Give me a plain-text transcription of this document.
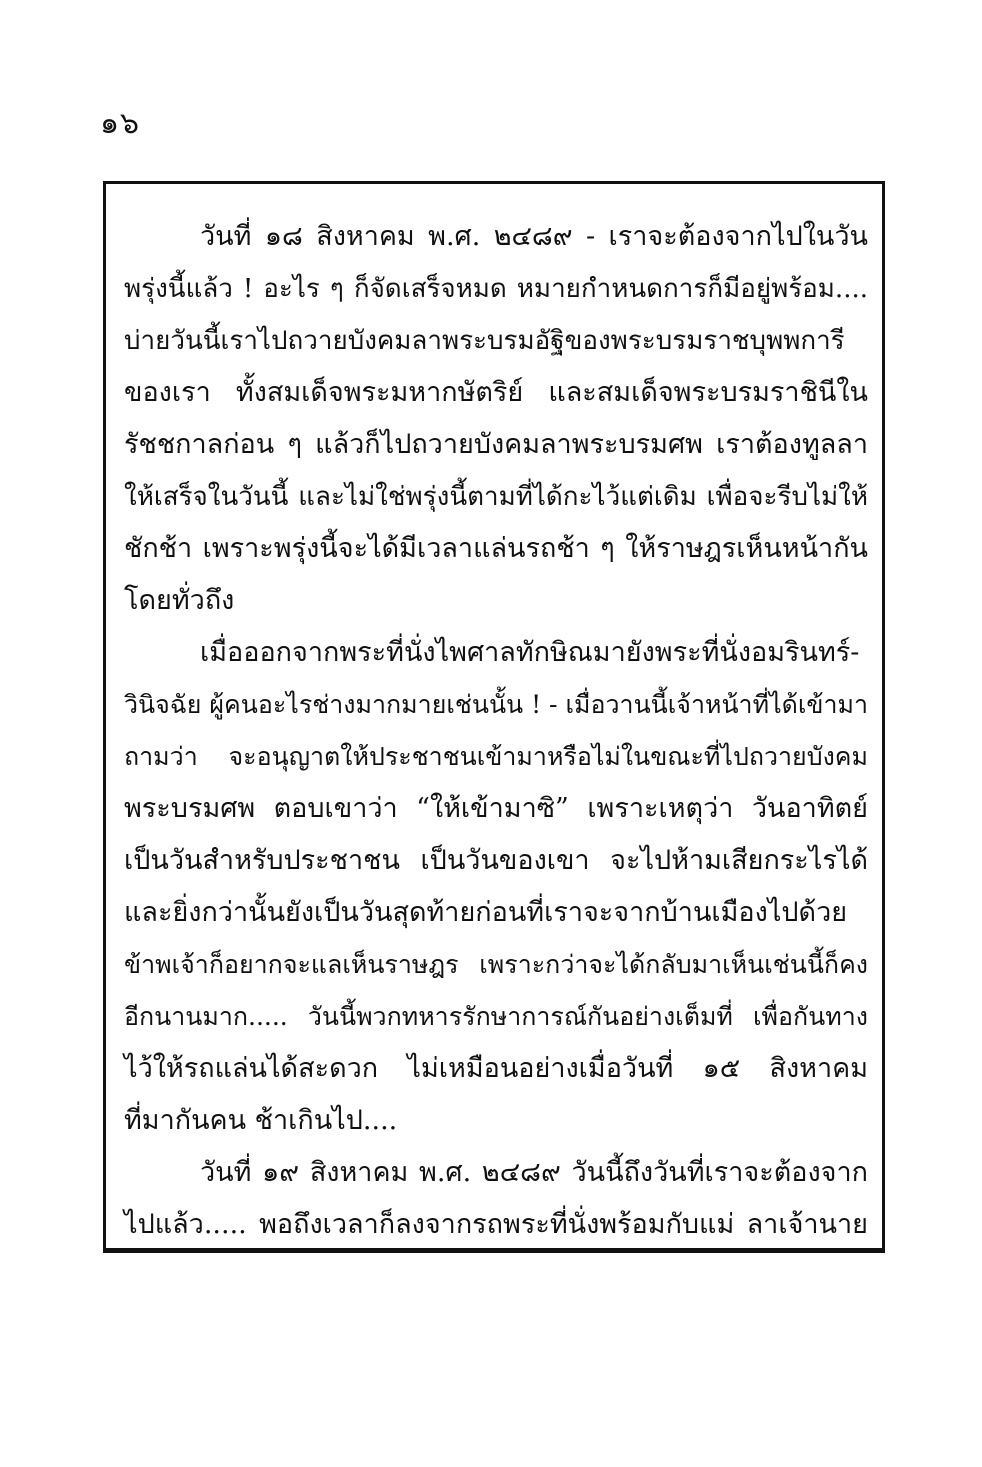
๑๖
วันที่ ๑๘ สิงหาคม พ.ศ. ๒๔๘๙ - เราจะต้องจากไปในวัน
พรุ่งนี้แล้ว ! อะไร ๆ ก็จัดเสร็จหมด หมายกำหนดการก็มีอยู่พร้อม....
บ่ายวันนี้เราไปถวายบังคมลาพระบรมอัฐิของพระบรมราชบุพพการี
ของเรา ทั้งสมเด็จพระมหากษัตริย์ และสมเด็จพระบรมราชินีใน
รัชชกาลก่อน ๆ แล้วก็ไปถวายบังคมลาพระบรมศพ เราต้องทูลลา
ให้เสร็จในวันนี้ และไม่ใช่พรุ่งนี้ตามที่ได้กะไว้แต่เดิม เพื่อจะรีบไม่ให้
ชักช้า เพราะพรุ่งนี้จะได้มีเวลาแล่นรถช้า ๆ ให้ราษฎรเห็นหน้ากัน
โดยทั่วถึง
เมื่อออกจากพระที่นั่งไพศาลทักษิณมายังพระที่นั่งอมรินทร์-
วินิจฉัย ผู้คนอะไรช่างมากมายเช่นนั้น ! - เมื่อวานนี้เจ้าหน้าที่ได้เข้ามา
ถามว่า จะอนุญาตให้ประชาชนเข้ามาหรือไม่ในขณะที่ไปถวายบังคม
พระบรมศพ ตอบเขาว่า “ให้เข้ามาซิ” เพราะเหตุว่า วันอาทิตย์
เป็นวันสำหรับประชาชน เป็นวันของเขา จะไปห้ามเสียกระไรได้
และยิ่งกว่านั้นยังเป็นวันสุดท้ายก่อนที่เราจะจากบ้านเมืองไปด้วย
ข้าพเจ้าก็อยากจะแลเห็นราษฎร เพราะกว่าจะได้กลับมาเห็นเช่นนี้ก็คง
อีกนานมาก..... วันนี้พวกทหารรักษาการณ์กันอย่างเต็มที่ เพื่อกันทาง
ไว้ให้รถแล่นได้สะดวก ไม่เหมือนอย่างเมื่อวันที่ ๑๕ สิงหาคม
ที่มากันคน ช้าเกินไป....
วันที่ ๑๙ สิงหาคม พ.ศ. ๒๔๘๙ วันนี้ถึงวันที่เราจะต้องจาก
ไปแล้ว..... พอถึงเวลาก็ลงจากรถพระที่นั่งพร้อมกับแม่ ลาเจ้านาย
